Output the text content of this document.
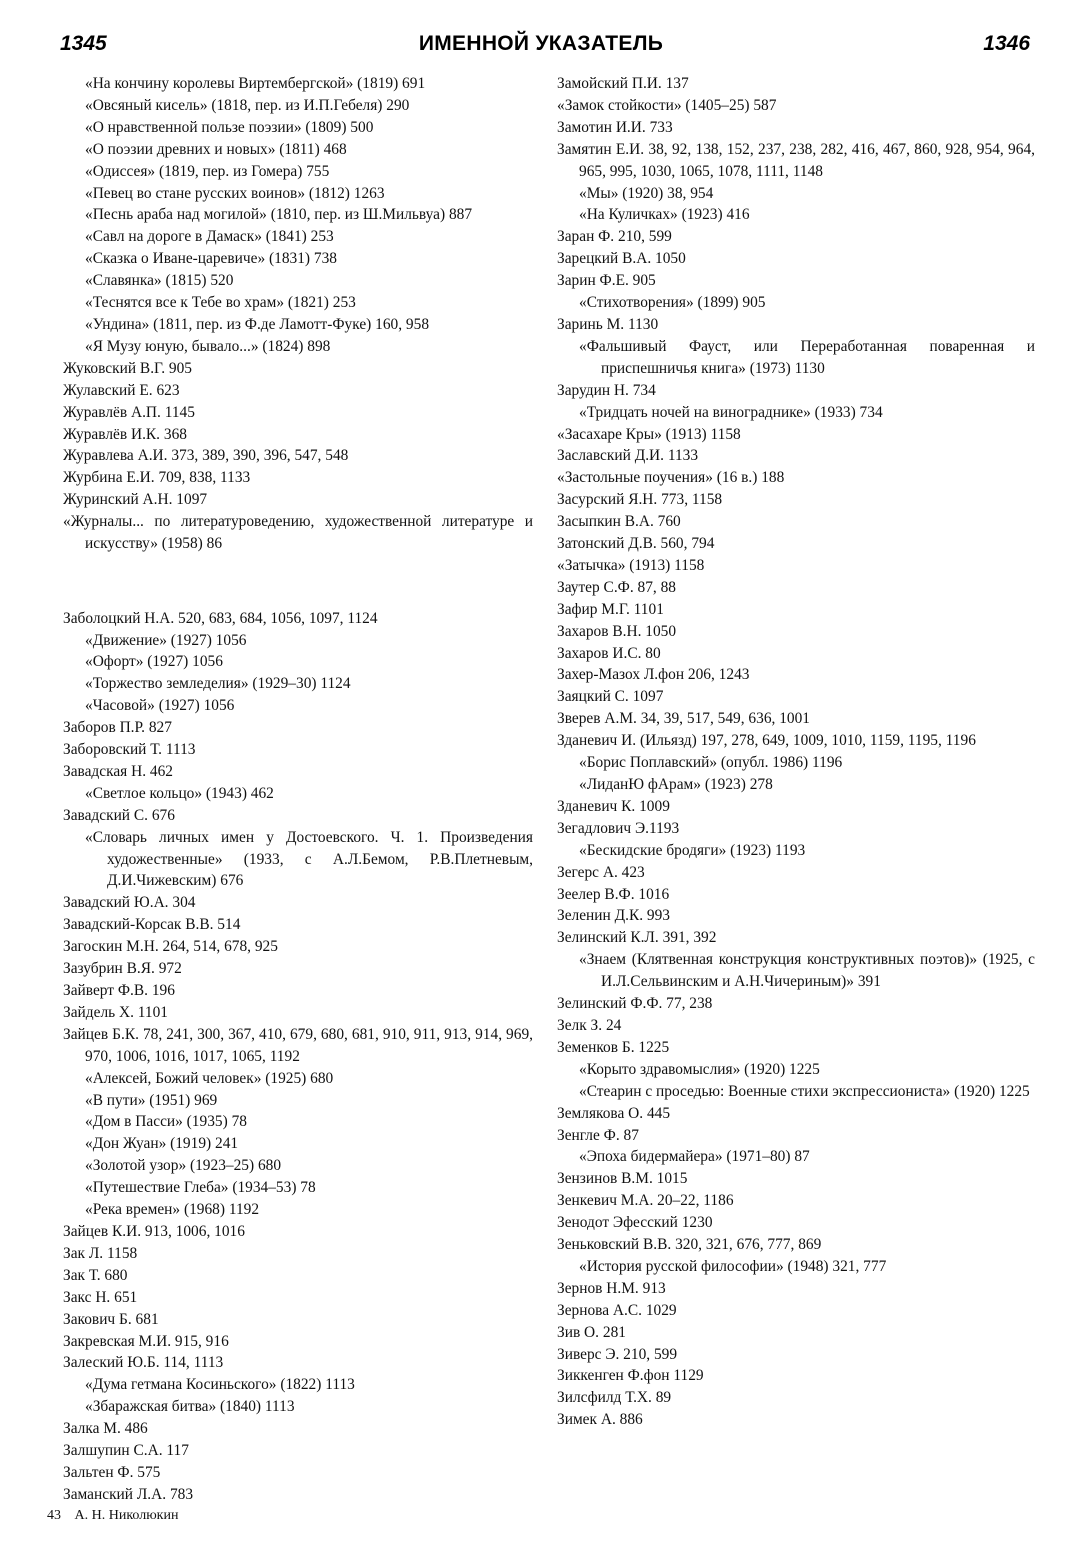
1345	ИМЕННОЙ УКАЗАТЕЛЬ	1346

«На кончину королевы Виртембергской» (1819) 691

«Овсяный кисель» (1818, пер. из И.П.Гебеля) 290

«О нравственной пользе поэзии» (1809) 500

«О поэзии древних и новых» (1811) 468

«Одиссея» (1819, пер. из Гомера) 755

«Певец во стане русских воинов» (1812) 1263

«Песнь араба над могилой» (1810, пер. из Ш.Мильвуа) 887

«Савл на дороге в Дамаск» (1841) 253

«Сказка о Иване-царевиче» (1831) 738

«Славянка» (1815) 520

«Теснятся все к Тебе во храм» (1821) 253

«Ундина» (1811, пер. из Ф.де Ламотт-Фуке) 160, 958

«Я Музу юную, бывало...» (1824) 898

Жуковский В.Г. 905

Жулавский Е. 623

Журавлёв А.П. 1145

Журавлёв И.К. 368

Журавлева А.И. 373, 389, 390, 396, 547, 548

Журбина Е.И. 709, 838, 1133

Журинский А.Н. 1097

«Журналы... по литературоведению, художественной литературе и искусству» (1958) 86

Заболоцкий Н.А. 520, 683, 684, 1056, 1097, 1124

«Движение» (1927) 1056

«Офорт» (1927) 1056

«Торжество земледелия» (1929–30) 1124

«Часовой» (1927) 1056

Заборов П.Р. 827

Заборовский Т. 1113

Завадская Н. 462

«Светлое кольцо» (1943) 462

Завадский С. 676

«Словарь личных имен у Достоевского. Ч. 1. Произведения художественные» (1933, с А.Л.Бемом, Р.В.Плетневым, Д.И.Чижевским) 676

Завадский Ю.А. 304

Завадский-Корсак В.В. 514

Загоскин М.Н. 264, 514, 678, 925

Зазубрин В.Я. 972

Зайверт Ф.В. 196

Зайдель Х. 1101

Зайцев Б.К. 78, 241, 300, 367, 410, 679, 680, 681, 910, 911, 913, 914, 969, 970, 1006, 1016, 1017, 1065, 1192

«Алексей, Божий человек» (1925) 680

«В пути» (1951) 969

«Дом в Пасси» (1935) 78

«Дон Жуан» (1919) 241

«Золотой узор» (1923–25) 680

«Путешествие Глеба» (1934–53) 78

«Река времен» (1968) 1192

Зайцев К.И. 913, 1006, 1016

Зак Л. 1158

Зак Т. 680

Закс Н. 651

Закович Б. 681

Закревская М.И. 915, 916

Залеский Ю.Б. 114, 1113

«Дума гетмана Косиньского» (1822) 1113

«Збаражская битва» (1840) 1113

Залка М. 486

Залшупин С.А. 117

Зальтен Ф. 575

Заманский Л.А. 783

Замойский П.И. 137

«Замок стойкости» (1405–25) 587

Замотин И.И. 733

Замятин Е.И. 38, 92, 138, 152, 237, 238, 282, 416, 467, 860, 928, 954, 964, 965, 995, 1030, 1065, 1078, 1111, 1148

«Мы» (1920) 38, 954

«На Куличках» (1923) 416

Заран Ф. 210, 599

Зарецкий В.А. 1050

Зарин Ф.Е. 905

«Стихотворения» (1899) 905

Заринь М. 1130

«Фальшивый Фауст, или Переработанная поваренная и приспешничья книга» (1973) 1130

Зарудин Н. 734

«Тридцать ночей на винограднике» (1933) 734

«Засахаре Кры» (1913) 1158

Заславский Д.И. 1133

«Застольные поучения» (16 в.) 188

Засурский Я.Н. 773, 1158

Засыпкин В.А. 760

Затонский Д.В. 560, 794

«Затычка» (1913) 1158

Заутер С.Ф. 87, 88

Зафир М.Г. 1101

Захаров В.Н. 1050

Захаров И.С. 80

Захер-Мазох Л.фон 206, 1243

Заяцкий С. 1097

Зверев А.М. 34, 39, 517, 549, 636, 1001

Зданевич И. (Ильязд) 197, 278, 649, 1009, 1010, 1159, 1195, 1196

«Борис Поплавский» (опубл. 1986) 1196

«ЛиданЮ фАрам» (1923) 278

Зданевич К. 1009

Зегадлович Э.1193

«Бескидские бродяги» (1923) 1193

Зегерс А. 423

Зеелер В.Ф. 1016

Зеленин Д.К. 993

Зелинский К.Л. 391, 392

«Знаем (Клятвенная конструкция конструктивных поэтов)» (1925, с И.Л.Сельвинским и А.Н.Чичериным)» 391

Зелинский Ф.Ф. 77, 238

Зелк З. 24

Земенков Б. 1225

«Корыто здравомыслия» (1920) 1225

«Стеарин с проседью: Военные стихи экспрессиониста» (1920) 1225

Землякова О. 445

Зенгле Ф. 87

«Эпоха бидермайера» (1971–80) 87

Зензинов В.М. 1015

Зенкевич М.А. 20–22, 1186

Зенодот Эфесский 1230

Зеньковский В.В. 320, 321, 676, 777, 869

«История русской философии» (1948) 321, 777

Зернов Н.М. 913

Зернова А.С. 1029

Зив О. 281

Зиверс Э. 210, 599

Зиккенген Ф.фон 1129

Зилсфилд Т.Х. 89

Зимек А. 886

43 А. Н. Николюкин
